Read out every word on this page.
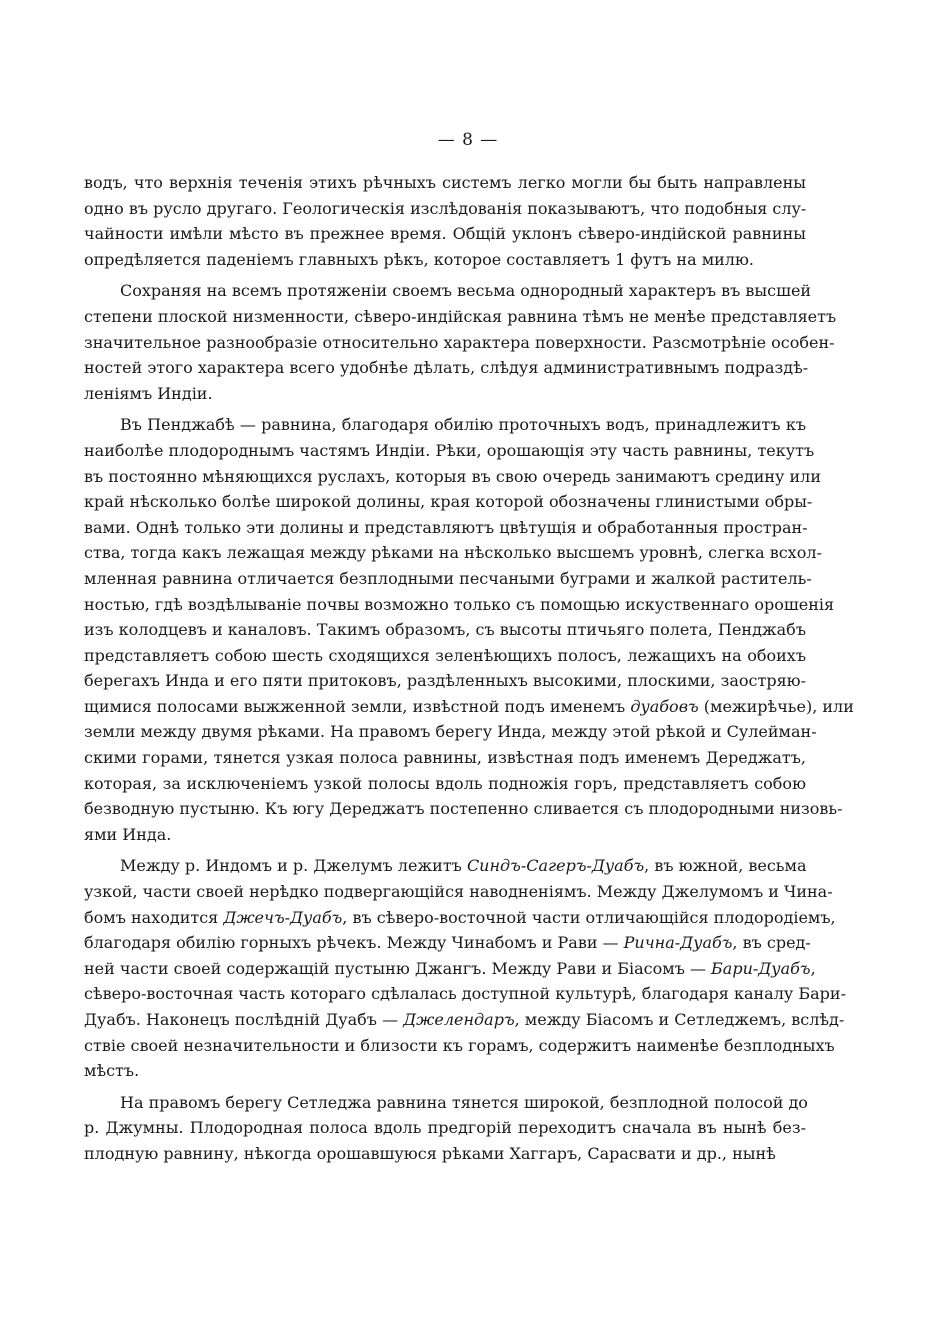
— 8 —
водъ, что верхнія теченія этихъ рѣчныхъ системъ легко могли бы быть направлены
одно въ русло другаго. Геологическія изслѣдованія показываютъ, что подобныя слу-
чайности имѣли мѣсто въ прежнее время. Общій уклонъ сѣверо-индійской равнины
опредѣляется паденіемъ главныхъ рѣкъ, которое составляетъ 1 футъ на милю.
Сохраняя на всемъ протяженіи своемъ весьма однородный характеръ въ высшей
степени плоской низменности, сѣверо-индійская равнина тѣмъ не менѣе представляетъ
значительное разнообразіе относительно характера поверхности. Разсмотрѣніе особен-
ностей этого характера всего удобнѣе дѣлать, слѣдуя административнымъ подраздѣ-
леніямъ Индіи.
Въ Пенджабѣ — равнина, благодаря обилію проточныхъ водъ, принадлежитъ къ
наиболѣе плодороднымъ частямъ Индіи. Рѣки, орошающія эту часть равнины, текутъ
въ постоянно мѣняющихся руслахъ, которыя въ свою очередь занимаютъ средину или
край нѣсколько болѣе широкой долины, края которой обозначены глинистыми обры-
вами. Однѣ только эти долины и представляютъ цвѣтущія и обработанныя простран-
ства, тогда какъ лежащая между рѣками на нѣсколько высшемъ уровнѣ, слегка всхол-
мленная равнина отличается безплодными песчаными буграми и жалкой раститель-
ностью, гдѣ воздѣлываніе почвы возможно только съ помощью искуственнаго орошенія
изъ колодцевъ и каналовъ. Такимъ образомъ, съ высоты птичьяго полета, Пенджабъ
представляетъ собою шесть сходящихся зеленѣющихъ полосъ, лежащихъ на обоихъ
берегахъ Инда и его пяти притоковъ, раздѣленныхъ высокими, плоскими, заостряю-
щимися полосами выжженной земли, извѣстной подъ именемъ дуабовъ (межирѣчье), или
земли между двумя рѣками. На правомъ берегу Инда, между этой рѣкой и Сулейман-
скими горами, тянется узкая полоса равнины, извѣстная подъ именемъ Дереджатъ,
которая, за исключеніемъ узкой полосы вдоль подножія горъ, представляетъ собою
безводную пустыню. Къ югу Дереджатъ постепенно сливается съ плодородными низовь-
ями Инда.
Между р. Индомъ и р. Джелумъ лежитъ Синдъ-Сагеръ-Дуабъ, въ южной, весьма
узкой, части своей нерѣдко подвергающійся наводненіямъ. Между Джелумомъ и Чина-
бомъ находится Джечъ-Дуабъ, въ сѣверо-восточной части отличающійся плодородіемъ,
благодаря обилію горныхъ рѣчекъ. Между Чинабомъ и Рави — Рична-Дуабъ, въ сред-
ней части своей содержащій пустыню Джангъ. Между Рави и Біасомъ — Бари-Дуабъ,
сѣверо-восточная часть котораго сдѣлалась доступной культурѣ, благодаря каналу Бари-
Дуабъ. Наконецъ послѣдній Дуабъ — Джелендаръ, между Біасомъ и Сетледжемъ, вслѣд-
ствіе своей незначительности и близости къ горамъ, содержитъ наименѣе безплодныхъ
мѣстъ.
На правомъ берегу Сетледжа равнина тянется широкой, безплодной полосой до
р. Джумны. Плодородная полоса вдоль предгорій переходитъ сначала въ нынѣ без-
плодную равнину, нѣкогда орошавшуюся рѣками Хаггаръ, Сарасвати и др., нынѣ
